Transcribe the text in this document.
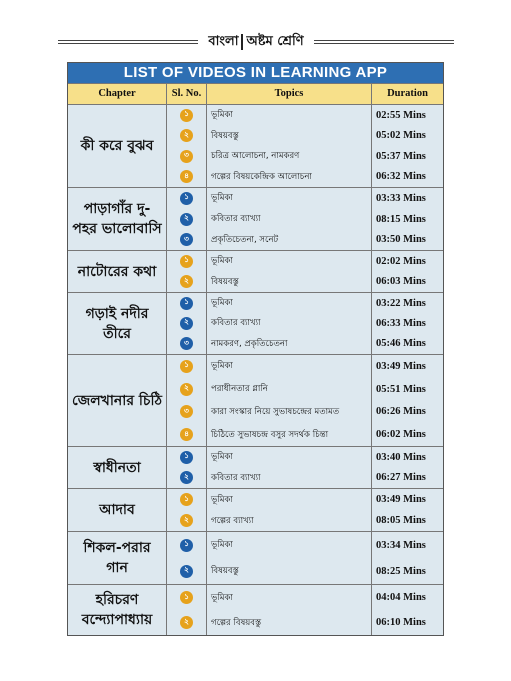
বাংলা অষ্টম শ্রেণি
LIST OF VIDEOS IN LEARNING APP
Chapter	Sl. No.	Topics	Duration
কী করে বুঝব
১	ভূমিকা	02:55 Mins
২	বিষয়বস্তু	05:02 Mins
৩	চরিত্র আলোচনা, নামকরণ	05:37 Mins
৪	গল্পের বিষয়কেন্দ্রিক আলোচনা	06:32 Mins
পাড়াগাঁর দু-পহর ভালোবাসি
১	ভূমিকা	03:33 Mins
২	কবিতার ব্যাখ্যা	08:15 Mins
৩	প্রকৃতিচেতনা, সনেট	03:50 Mins
নাটোরের কথা
১	ভূমিকা	02:02 Mins
২	বিষয়বস্তু	06:03 Mins
গড়াই নদীর তীরে
১	ভূমিকা	03:22 Mins
২	কবিতার ব্যাখ্যা	06:33 Mins
৩	নামকরণ, প্রকৃতিচেতনা	05:46 Mins
জেলখানার চিঠি
১	ভূমিকা	03:49 Mins
২	পরাধীনতার গ্লানি	05:51 Mins
৩	কারা সংস্কার নিয়ে সুভাষচন্দ্রের মতামত	06:26 Mins
৪	চিঠিতে সুভাষচন্দ্র বসুর সদর্থক চিন্তা	06:02 Mins
স্বাধীনতা
১	ভূমিকা	03:40 Mins
২	কবিতার ব্যাখ্যা	06:27 Mins
আদাব
১	ভূমিকা	03:49 Mins
২	গল্পের ব্যাখ্যা	08:05 Mins
শিকল-পরার গান
১	ভূমিকা	03:34 Mins
২	বিষয়বস্তু	08:25 Mins
হরিচরণ বন্দ্যোপাধ্যায়
১	ভূমিকা	04:04 Mins
২	গল্পের বিষয়বস্তু	06:10 Mins
